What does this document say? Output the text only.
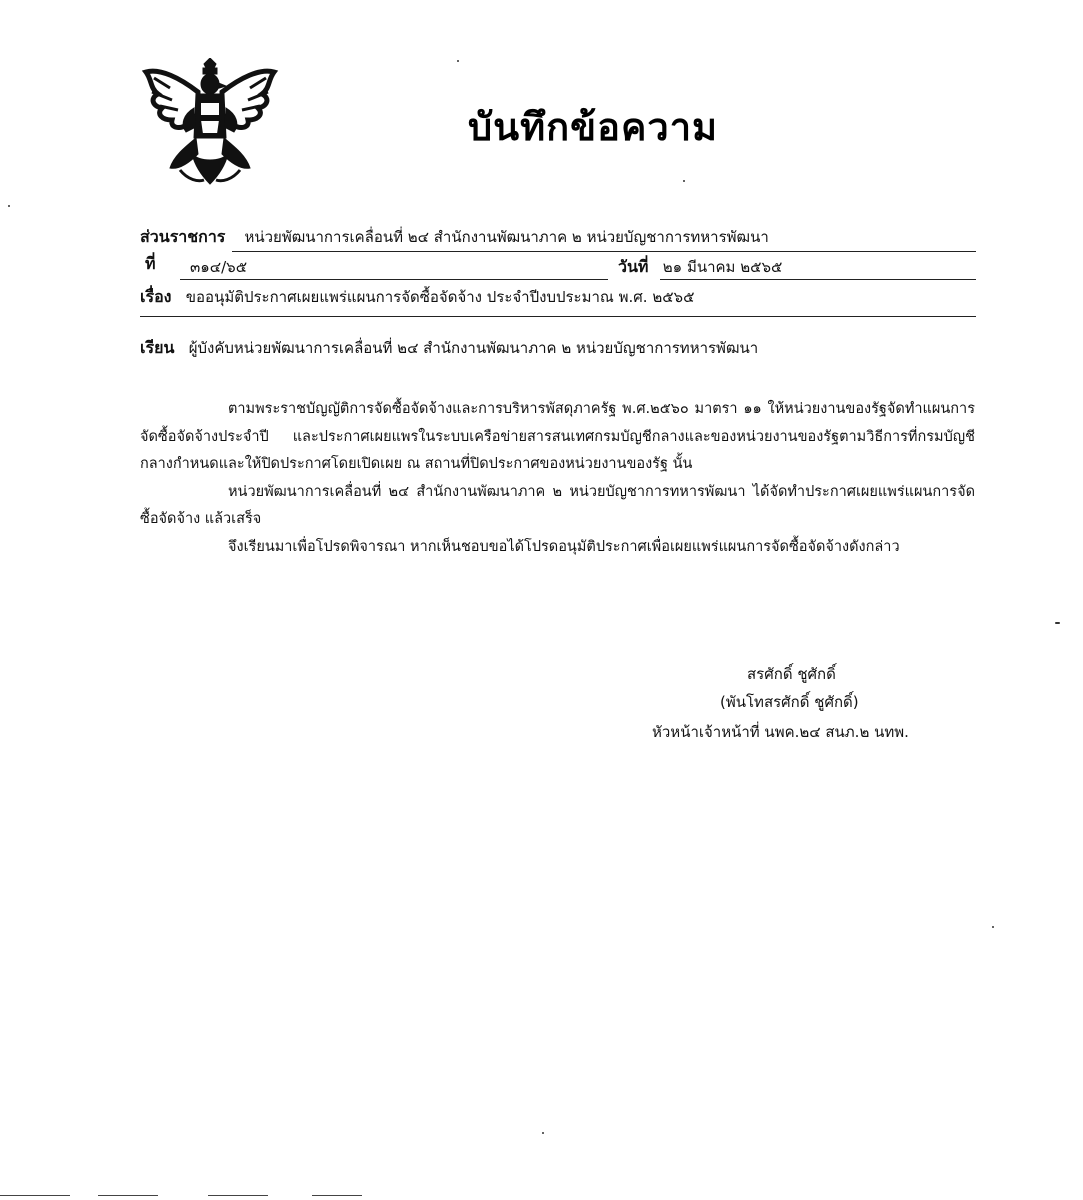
บันทึกข้อความ
ส่วนราชการ หน่วยพัฒนาการเคลื่อนที่ ๒๔ สำนักงานพัฒนาภาค ๒ หน่วยบัญชาการทหารพัฒนา
ที่ ๓๑๔/๖๕	วันที่ ๒๑ มีนาคม ๒๕๖๕
เรื่อง ขออนุมัติประกาศเผยแพร่แผนการจัดซื้อจัดจ้าง ประจำปีงบประมาณ พ.ศ. ๒๕๖๕
เรียน ผู้บังคับหน่วยพัฒนาการเคลื่อนที่ ๒๔ สำนักงานพัฒนาภาค ๒ หน่วยบัญชาการทหารพัฒนา

ตามพระราชบัญญัติการจัดซื้อจัดจ้างและการบริหารพัสดุภาครัฐ พ.ศ.๒๕๖๐ มาตรา ๑๑ ให้หน่วยงานของรัฐจัดทำแผนการจัดซื้อจัดจ้างประจำปี และประกาศเผยแพรในระบบเครือข่ายสารสนเทศกรมบัญชีกลางและของหน่วยงานของรัฐตามวิธีการที่กรมบัญชีกลางกำหนดและให้ปิดประกาศโดยเปิดเผย ณ สถานที่ปิดประกาศของหน่วยงานของรัฐ นั้น

หน่วยพัฒนาการเคลื่อนที่ ๒๔ สำนักงานพัฒนาภาค ๒ หน่วยบัญชาการทหารพัฒนา ได้จัดทำประกาศเผยแพร่แผนการจัดซื้อจัดจ้าง แล้วเสร็จ

จึงเรียนมาเพื่อโปรดพิจารณา หากเห็นชอบขอได้โปรดอนุมัติประกาศเพื่อเผยแพร่แผนการจัดซื้อจัดจ้างดังกล่าว

สรศักดิ์ ชูศักดิ์
(พันโทสรศักดิ์ ชูศักดิ์)
หัวหน้าเจ้าหน้าที่ นพค.๒๔ สนภ.๒ นทพ.
